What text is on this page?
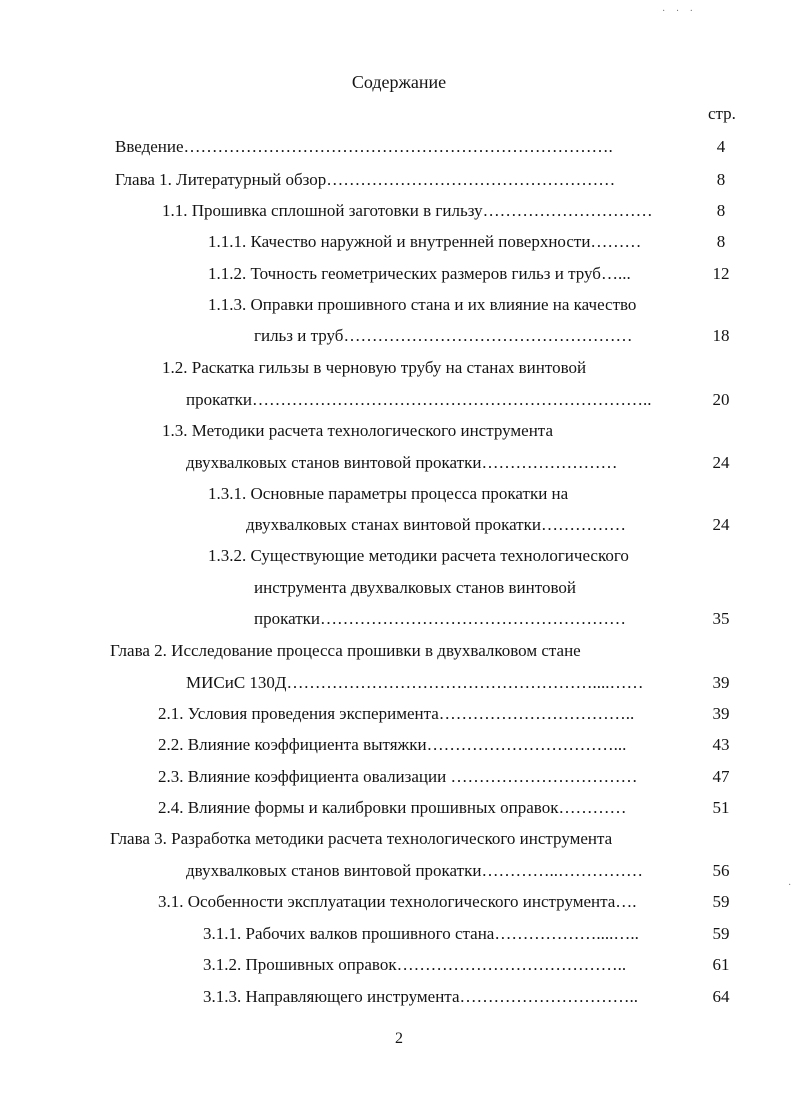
· · ·
·
Содержание
стр.
Введение………………………………………………………………….	4
Глава 1. Литературный обзор……………………………………………	8
1.1. Прошивка сплошной заготовки в гильзу…………………………	8
1.1.1. Качество наружной и внутренней поверхности………	8
1.1.2. Точность геометрических размеров гильз и труб…...	12
1.1.3. Оправки прошивного стана и их влияние на качество
гильз и труб……………………………………………	18
1.2. Раскатка гильзы в черновую трубу на станах винтовой
прокатки……………………………………………………………..	20
1.3. Методики расчета технологического инструмента
двухвалковых станов винтовой прокатки……………………	24
1.3.1. Основные параметры процесса прокатки на
двухвалковых станах винтовой прокатки……………	24
1.3.2. Существующие методики расчета технологического
инструмента двухвалковых станов винтовой
прокатки………………………………………………	35
Глава 2. Исследование процесса прошивки в двухвалковом стане
МИСиС 130Д………………………………………………....……	39
2.1. Условия проведения эксперимента……………………………..	39
2.2. Влияние коэффициента вытяжки……………………………...	43
2.3. Влияние коэффициента овализации ……………………………	47
2.4. Влияние формы и калибровки прошивных оправок…………	51
Глава 3. Разработка методики расчета технологического инструмента
двухвалковых станов винтовой прокатки…………..……………	56
3.1. Особенности эксплуатации технологического инструмента….	59
3.1.1. Рабочих валков прошивного стана………………....…..	59
3.1.2. Прошивных оправок…………………………………..	61
3.1.3. Направляющего инструмента…………………………..	64
2
